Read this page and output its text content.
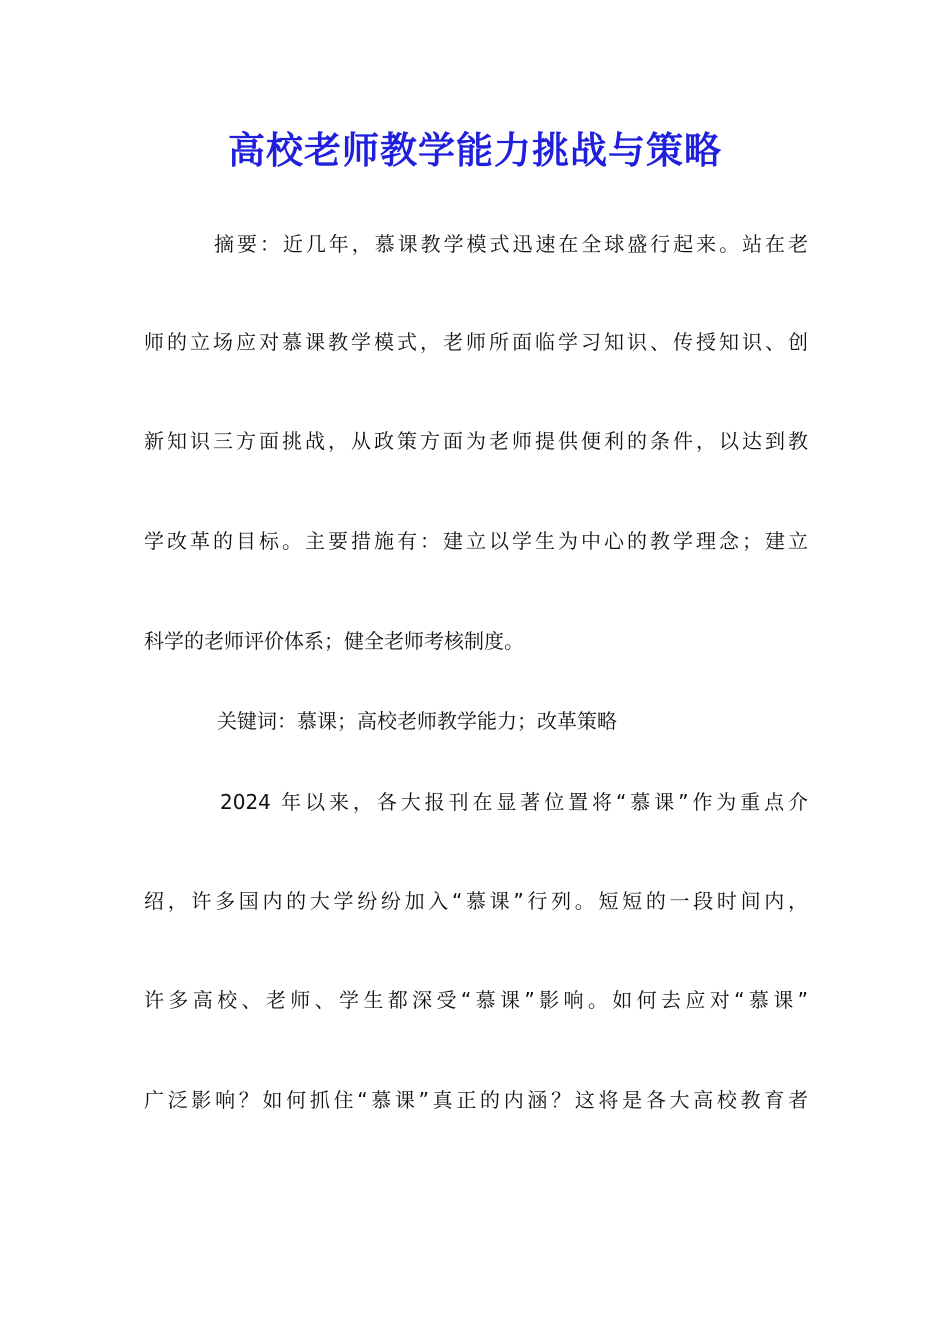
高校老师教学能力挑战与策略
摘要：近几年，慕课教学模式迅速在全球盛行起来。站在老
师的立场应对慕课教学模式，老师所面临学习知识、传授知识、创
新知识三方面挑战，从政策方面为老师提供便利的条件，以达到教
学改革的目标。主要措施有：建立以学生为中心的教学理念；建立
科学的老师评价体系；健全老师考核制度。
关键词：慕课；高校老师教学能力；改革策略
2024 年以来，各大报刊在显著位置将“慕课”作为重点介
绍，许多国内的大学纷纷加入“慕课”行列。短短的一段时间内，
许多高校、老师、学生都深受“慕课”影响。如何去应对“慕课”
广泛影响？如何抓住“慕课”真正的内涵？这将是各大高校教育者
